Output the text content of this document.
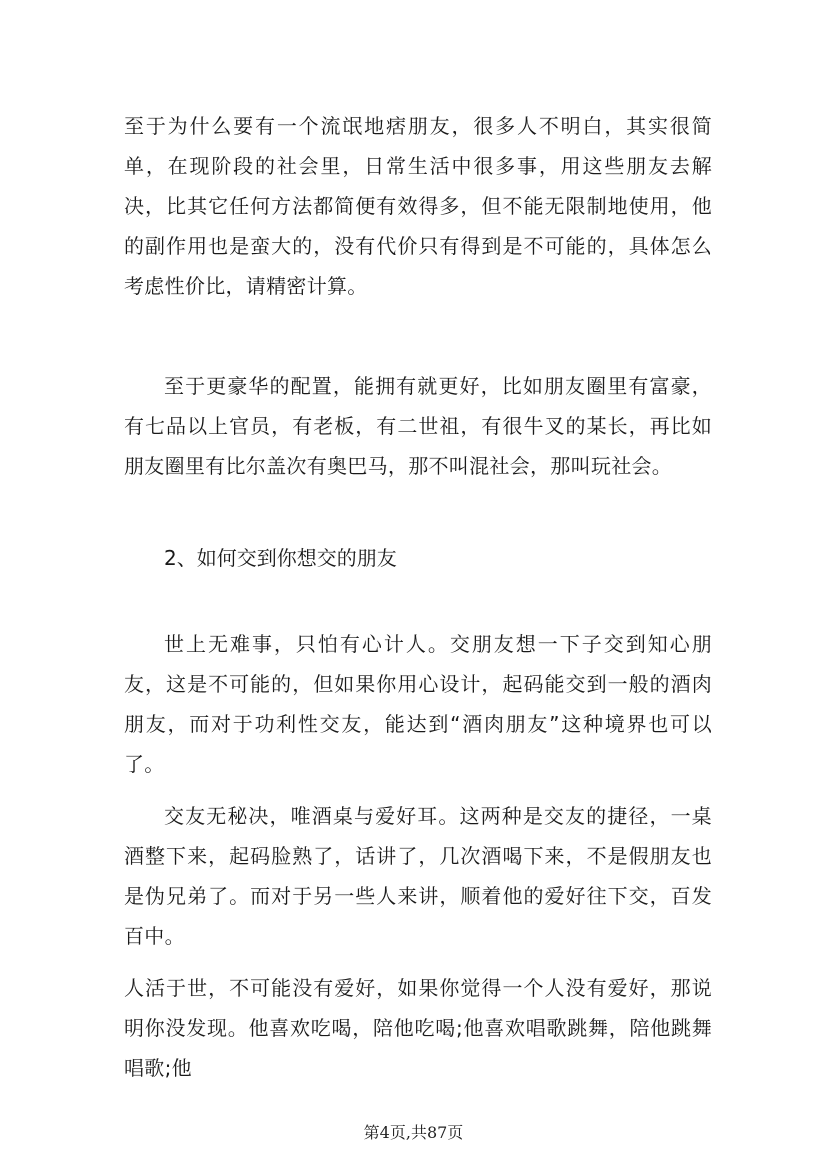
至于为什么要有一个流氓地痞朋友，很多人不明白，其实很简单，在现阶段的社会里，日常生活中很多事，用这些朋友去解决，比其它任何方法都简便有效得多，但不能无限制地使用，他的副作用也是蛮大的，没有代价只有得到是不可能的，具体怎么考虑性价比，请精密计算。

至于更豪华的配置，能拥有就更好，比如朋友圈里有富豪，有七品以上官员，有老板，有二世祖，有很牛叉的某长，再比如朋友圈里有比尔盖次有奥巴马，那不叫混社会，那叫玩社会。

2、如何交到你想交的朋友

世上无难事，只怕有心计人。交朋友想一下子交到知心朋友，这是不可能的，但如果你用心设计，起码能交到一般的酒肉朋友，而对于功利性交友，能达到“酒肉朋友”这种境界也可以了。

交友无秘决，唯酒桌与爱好耳。这两种是交友的捷径，一桌酒整下来，起码脸熟了，话讲了，几次酒喝下来，不是假朋友也是伪兄弟了。而对于另一些人来讲，顺着他的爱好往下交，百发百中。

人活于世，不可能没有爱好，如果你觉得一个人没有爱好，那说明你没发现。他喜欢吃喝，陪他吃喝;他喜欢唱歌跳舞，陪他跳舞唱歌;他

第4页,共87页
